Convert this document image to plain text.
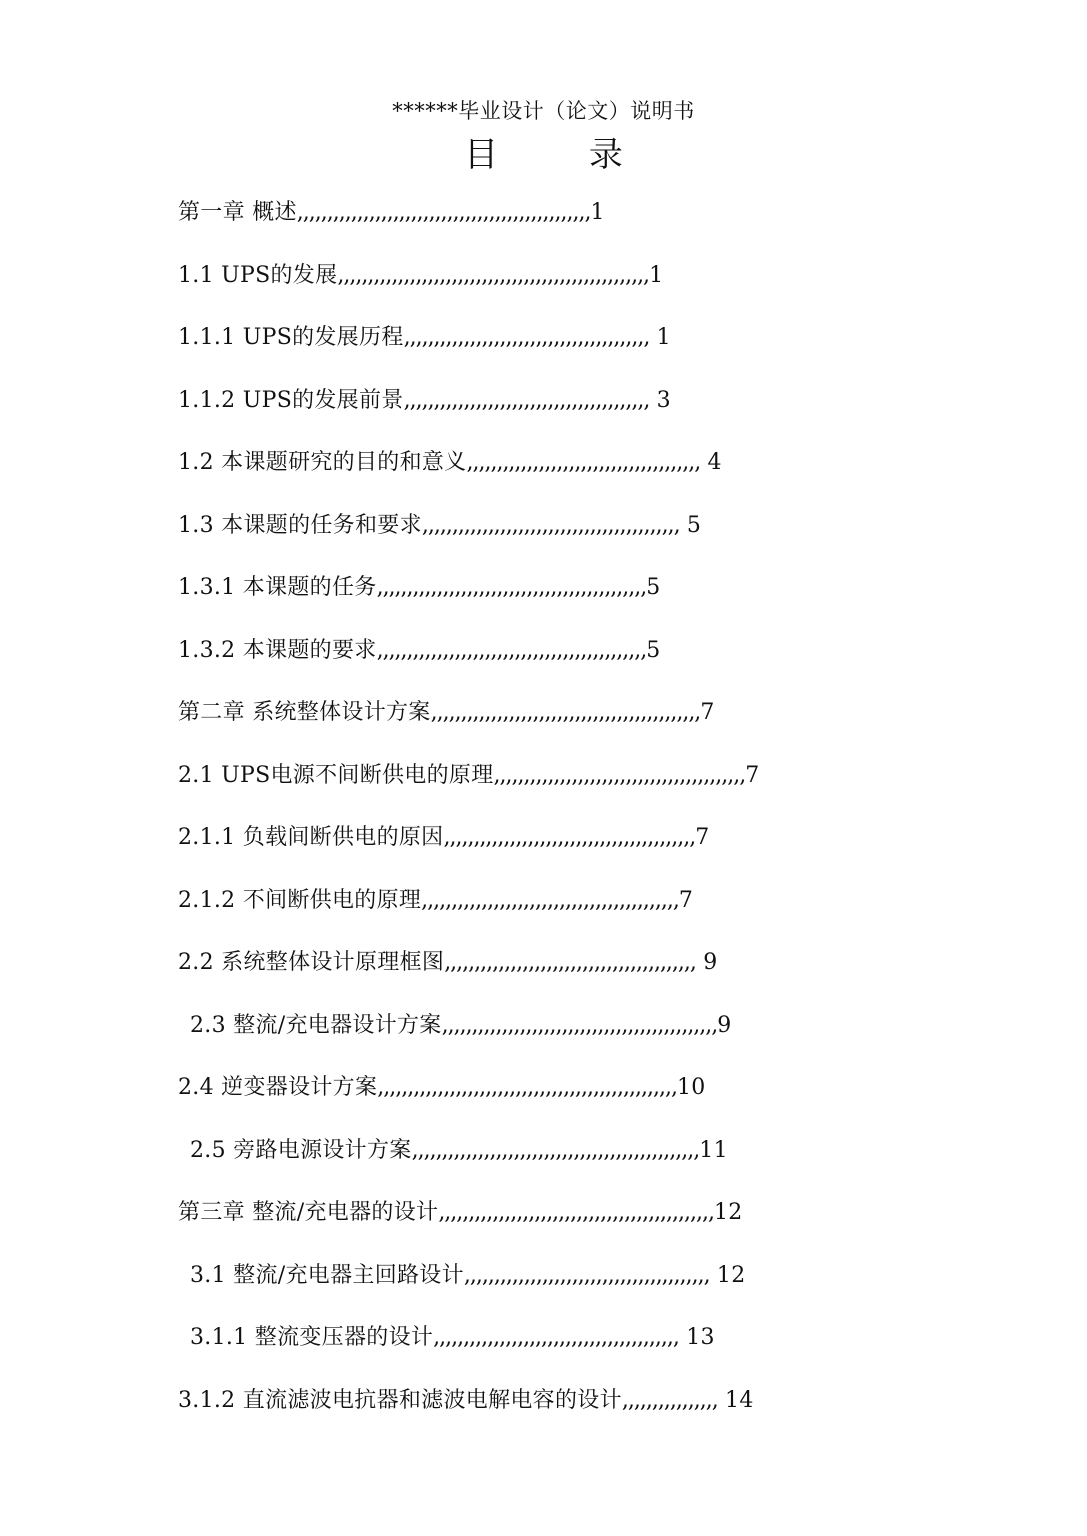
******毕业设计（论文）说明书
目 录
第一章 概述,,,,,,,,,,,,,,,,,,,,,,,,,,,,,,,,,,,,,,,,,,,,,,,,,1
1.1 UPS的发展,,,,,,,,,,,,,,,,,,,,,,,,,,,,,,,,,,,,,,,,,,,,,,,,,,,,1
1.1.1 UPS的发展历程,,,,,,,,,,,,,,,,,,,,,,,,,,,,,,,,,,,,,,,,, 1
1.1.2 UPS的发展前景,,,,,,,,,,,,,,,,,,,,,,,,,,,,,,,,,,,,,,,,, 3
1.2 本课题研究的目的和意义,,,,,,,,,,,,,,,,,,,,,,,,,,,,,,,,,,,,,,, 4
1.3 本课题的任务和要求,,,,,,,,,,,,,,,,,,,,,,,,,,,,,,,,,,,,,,,,,,, 5
1.3.1 本课题的任务,,,,,,,,,,,,,,,,,,,,,,,,,,,,,,,,,,,,,,,,,,,,,5
1.3.2 本课题的要求,,,,,,,,,,,,,,,,,,,,,,,,,,,,,,,,,,,,,,,,,,,,,5
第二章 系统整体设计方案,,,,,,,,,,,,,,,,,,,,,,,,,,,,,,,,,,,,,,,,,,,,,7
2.1 UPS电源不间断供电的原理,,,,,,,,,,,,,,,,,,,,,,,,,,,,,,,,,,,,,,,,,,7
2.1.1 负载间断供电的原因,,,,,,,,,,,,,,,,,,,,,,,,,,,,,,,,,,,,,,,,,,7
2.1.2 不间断供电的原理,,,,,,,,,,,,,,,,,,,,,,,,,,,,,,,,,,,,,,,,,,,7
2.2 系统整体设计原理框图,,,,,,,,,,,,,,,,,,,,,,,,,,,,,,,,,,,,,,,,,, 9
2.3 整流/充电器设计方案,,,,,,,,,,,,,,,,,,,,,,,,,,,,,,,,,,,,,,,,,,,,,,9
2.4 逆变器设计方案,,,,,,,,,,,,,,,,,,,,,,,,,,,,,,,,,,,,,,,,,,,,,,,,,,10
2.5 旁路电源设计方案,,,,,,,,,,,,,,,,,,,,,,,,,,,,,,,,,,,,,,,,,,,,,,,,11
第三章 整流/充电器的设计,,,,,,,,,,,,,,,,,,,,,,,,,,,,,,,,,,,,,,,,,,,,,,12
3.1 整流/充电器主回路设计,,,,,,,,,,,,,,,,,,,,,,,,,,,,,,,,,,,,,,,,, 12
3.1.1 整流变压器的设计,,,,,,,,,,,,,,,,,,,,,,,,,,,,,,,,,,,,,,,,, 13
3.1.2 直流滤波电抗器和滤波电解电容的设计,,,,,,,,,,,,,,,, 14
